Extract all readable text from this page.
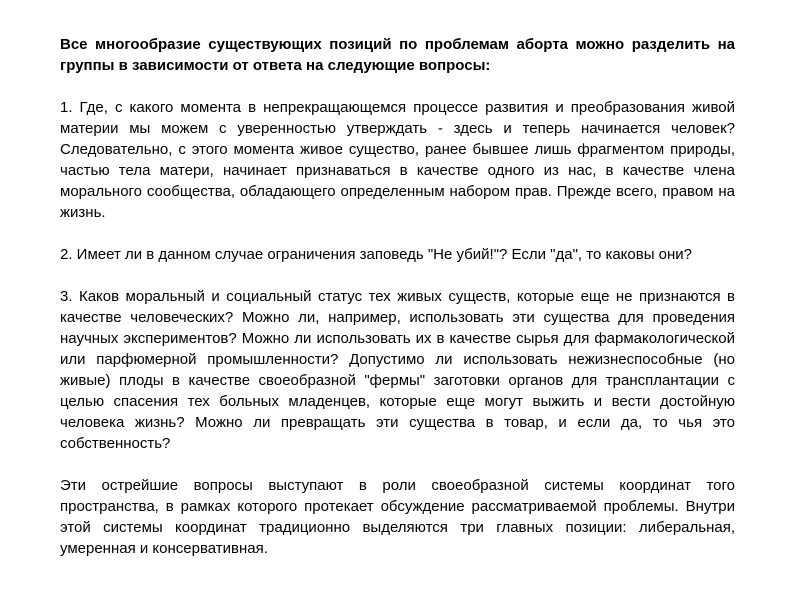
Все многообразие существующих позиций по проблемам аборта можно разделить на группы в зависимости от ответа на следующие вопросы:

1. Где, с какого момента в непрекращающемся процессе развития и преобразования живой материи мы можем с уверенностью утверждать - здесь и теперь начинается человек? Следовательно, с этого момента живое существо, ранее бывшее лишь фрагментом природы, частью тела матери, начинает признаваться в качестве одного из нас, в качестве члена морального сообщества, обладающего определенным набором прав. Прежде всего, правом на жизнь.

2. Имеет ли в данном случае ограничения заповедь "Не убий!"? Если "да", то каковы они?

3. Каков моральный и социальный статус тех живых существ, которые еще не признаются в качестве человеческих? Можно ли, например, использовать эти существа для проведения научных экспериментов? Можно ли использовать их в качестве сырья для фармакологической или парфюмерной промышленности? Допустимо ли использовать нежизнеспособные (но живые) плоды в качестве своеобразной "фермы" заготовки органов для трансплантации с целью спасения тех больных младенцев, которые еще могут выжить и вести достойную человека жизнь? Можно ли превращать эти существа в товар, и если да, то чья это собственность?

Эти острейшие вопросы выступают в роли своеобразной системы координат того пространства, в рамках которого протекает обсуждение рассматриваемой проблемы. Внутри этой системы координат традиционно выделяются три главных позиции: либеральная, умеренная и консервативная.
